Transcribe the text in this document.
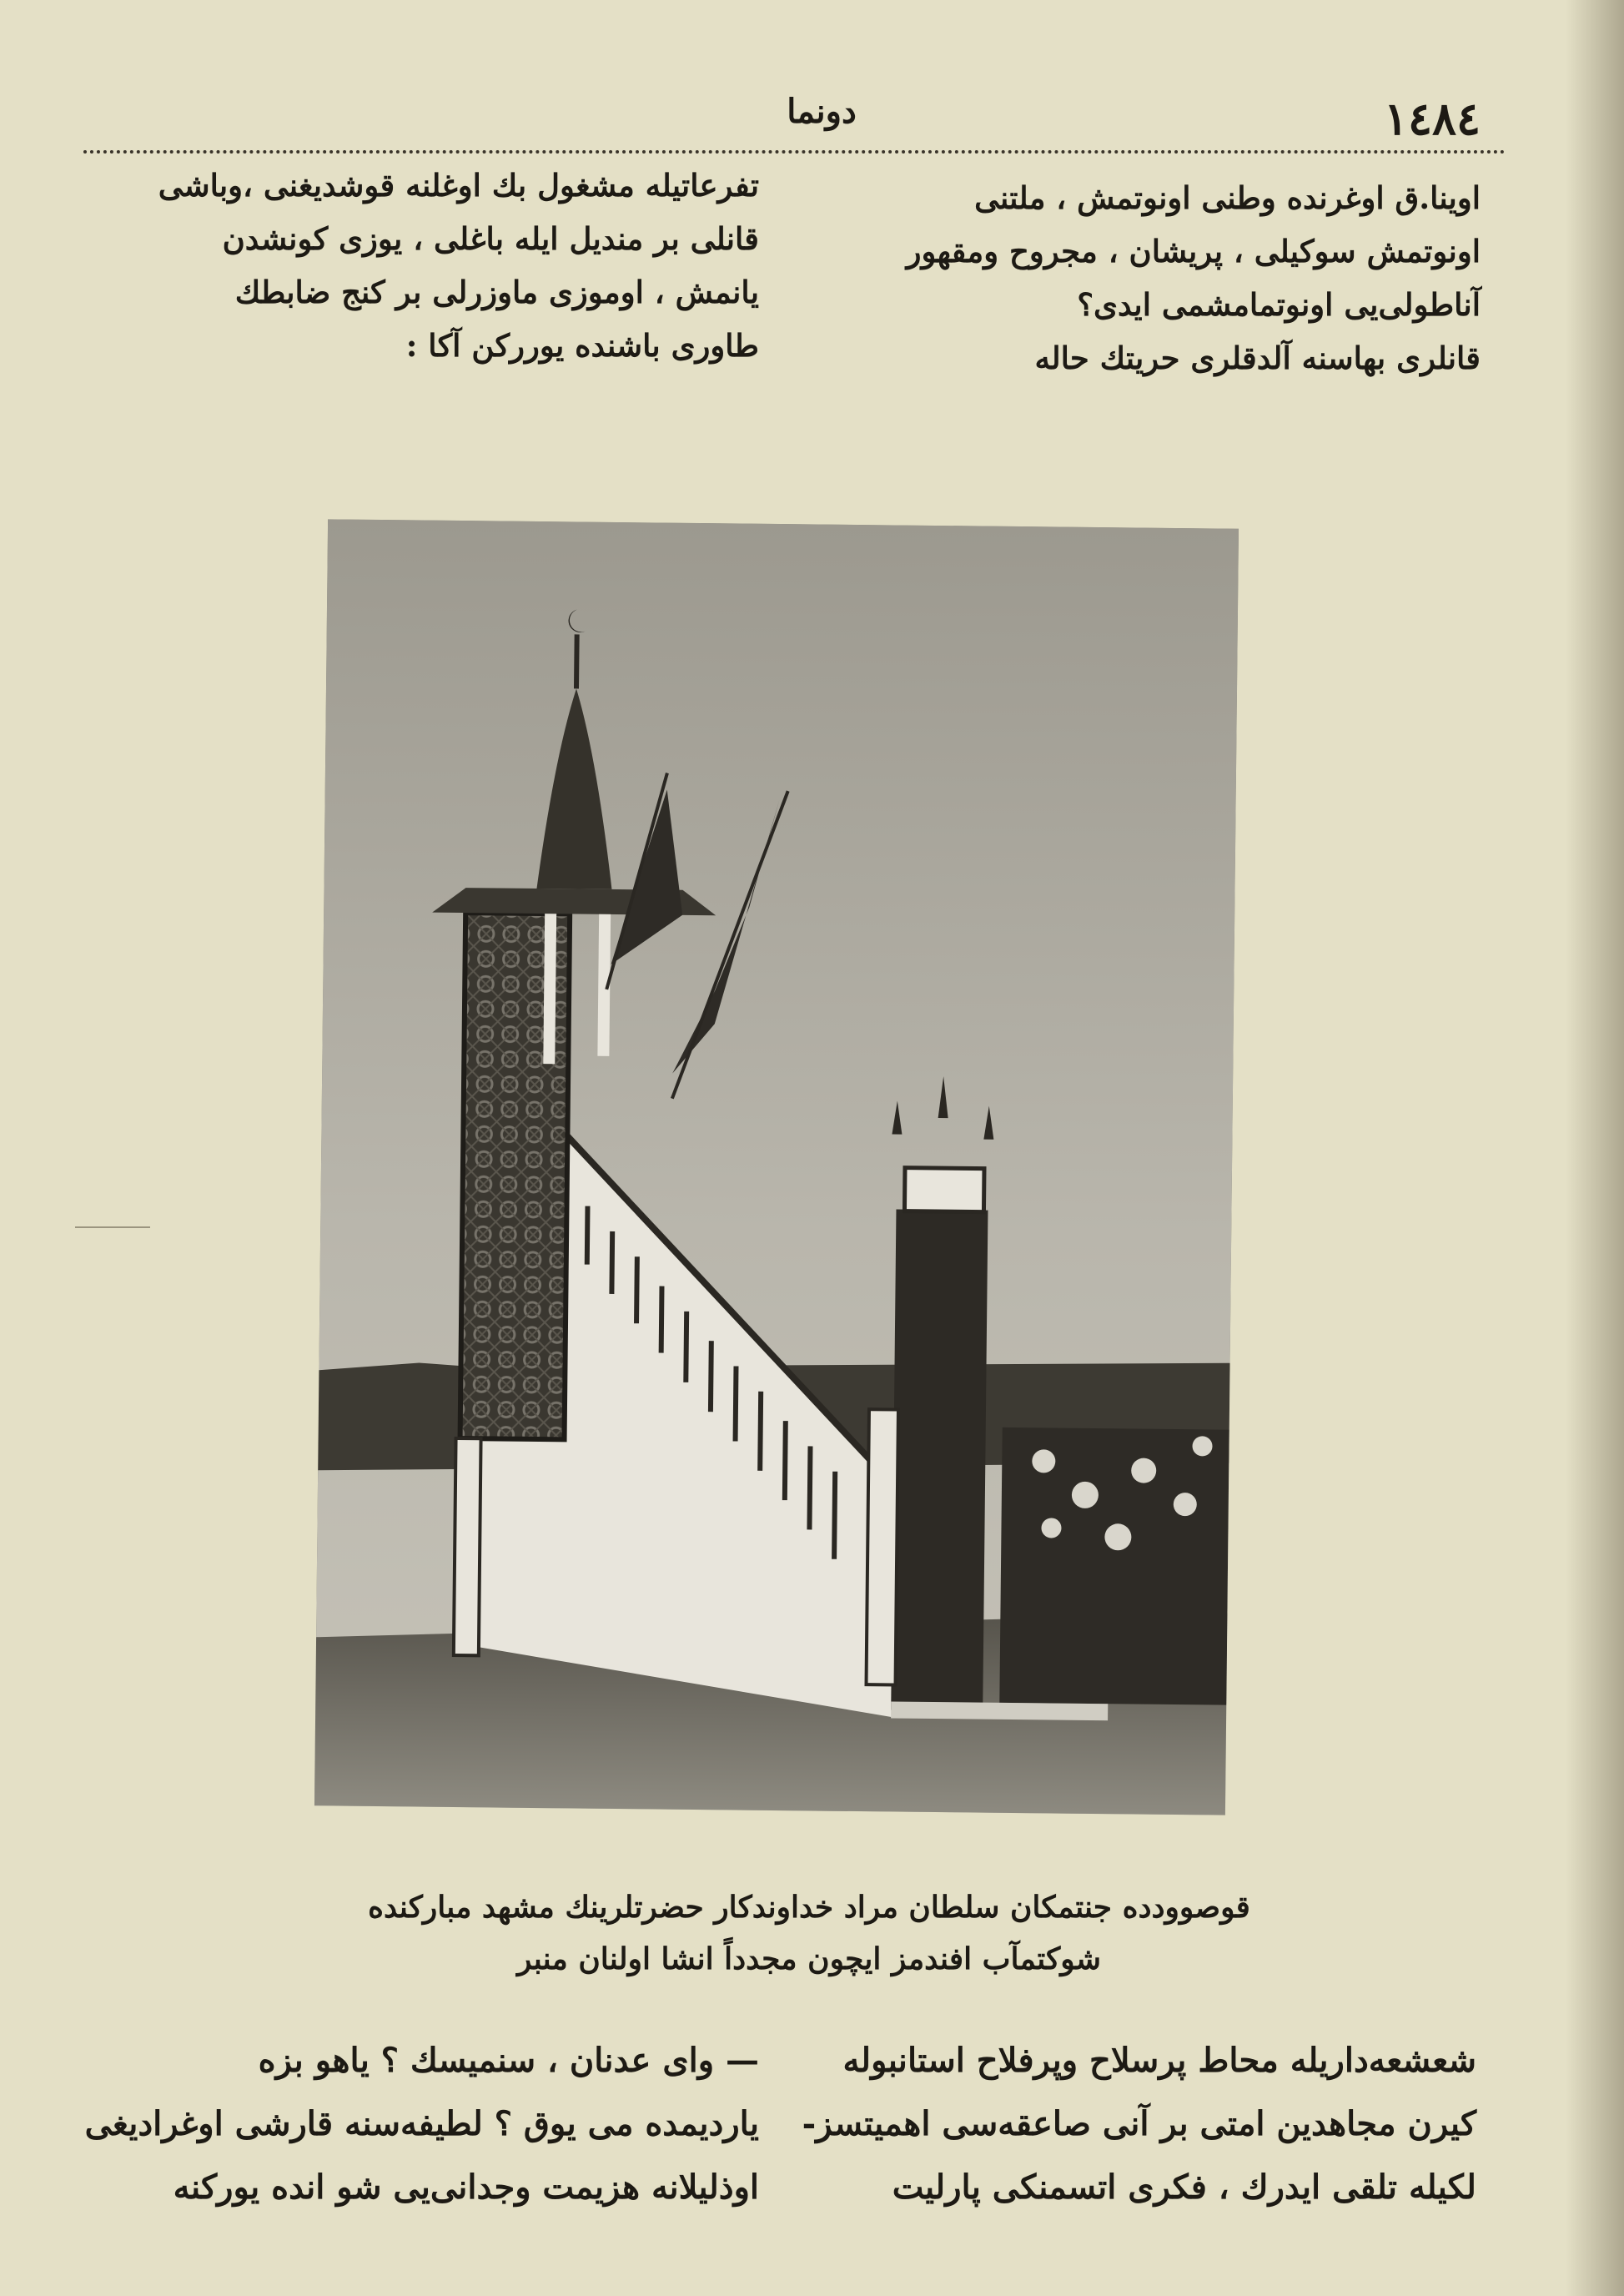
١٤٨٤
دونما

اوینا.ق اوغرنده وطنی اونوتمش ، ملتنی

اونوتمش سوکیلی ، پریشان ، مجروح ومقهور

آناطولی‌یی اونوتمامشمی ایدی؟

قانلری بهاسنه آلدقلری حریتك حاله

تفرعاتیله مشغول بك اوغلنه قوشدیغنی ،وباشی

قانلی بر مندیل ایله باغلی ، یوزی کونشدن

یانمش ، اوموزی ماوزرلی بر کنج ضابطك

طاوری باشنده یوررکن آکا :

قوصوودده جنتمکان سلطان مراد خداوندکار حضرتلرینك مشهد مبارکنده

شوکتمآب افندمز ایچون مجدداً انشا اولنان منبر

شعشعه‌داریله محاط پرسلاح وپرفلاح استانبوله

کیرن مجاهدین امتی بر آنی صاعقه‌سی اهمیتسز-

لکیله تلقی ایدرك ، فکری اتسمنکی پارلیت

— وای عدنان ، سنمیسك ؟ یاهو بزه

یاردیمده می یوق ؟ لطیفه‌سنه قارشی اوغرادیغی

اوذلیلانه هزیمت وجدانی‌یی شو انده یورکنه
